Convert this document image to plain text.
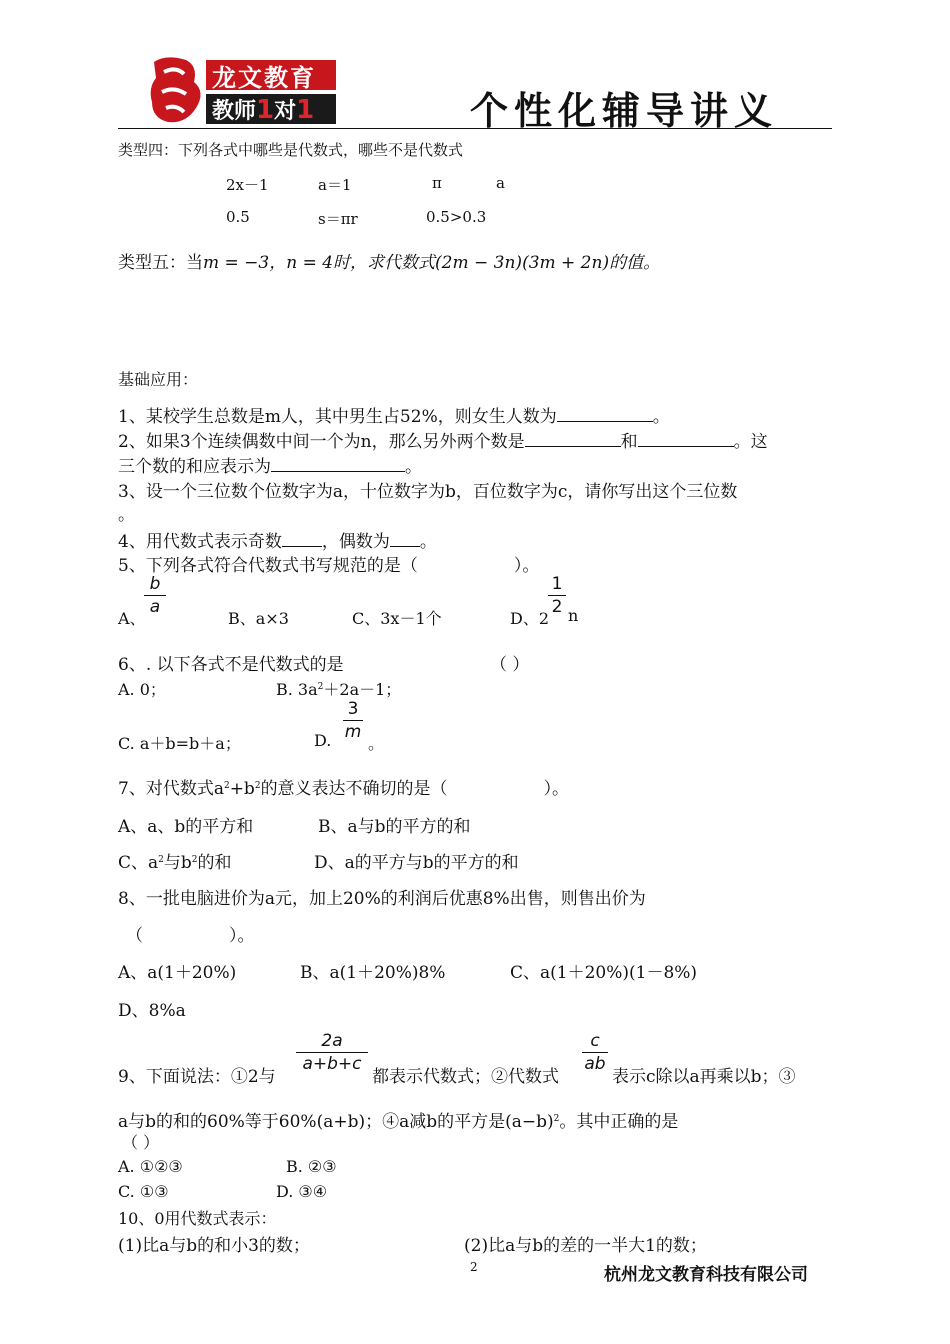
龙文教育
教师1对1	个性化辅导讲义
类型四：下列各式中哪些是代数式，哪些不是代数式
2x－1	a＝1	π	a
0.5	s＝πr	0.5>0.3
类型五：当m = −3，n = 4时，求代数式(2m − 3n)(3m + 2n)的值。
基础应用：
1、某校学生总数是m人，其中男生占52%，则女生人数为	。
2、如果3个连续偶数中间一个为n，那么另外两个数是	和	。这
三个数的和应表示为	。
3、设一个三位数个位数字为a，十位数字为b，百位数字为c，请你写出这个三位数
。
4、用代数式表示奇数 ，偶数为 。
5、下列各式符合代数式书写规范的是（	）。
A、
b
a
B、a×3	C、3x－1个	D、2
1
2 n
6、. 以下各式不是代数式的是	（ ）
A. 0；	B. $3a^2+2a-1$；
C. a＋b=b＋a；	D.
3
m
。
7、对代数式$a^2+b^2$的意义表达不确切的是（	）。
A、a、b的平方和	B、a与b的平方的和
C、$a^2$与$b^2$的和	D、a的平方与b的平方的和
8、一批电脑进价为a元，加上20%的利润后优惠8%出售，则售出价为
（	）。
A、a(1＋20%)	B、a(1＋20%)8%	C、a(1＋20%)(1－8%)
D、8%a
9、下面说法：①2与
2a
a+b+c
都表示代数式；②代数式
c
ab
表示c除以a再乘以b；③
a与b的和的60%等于60%(a+b)；④a减b的平方是$(a-b)^2$。其中正确的是
（ ）
A. ①②③	B. ②③
C. ①③	D. ③④
10、0用代数式表示：
(1)比a与b的和小3的数；	(2)比a与b的差的一半大1的数；
2	杭州龙文教育科技有限公司
